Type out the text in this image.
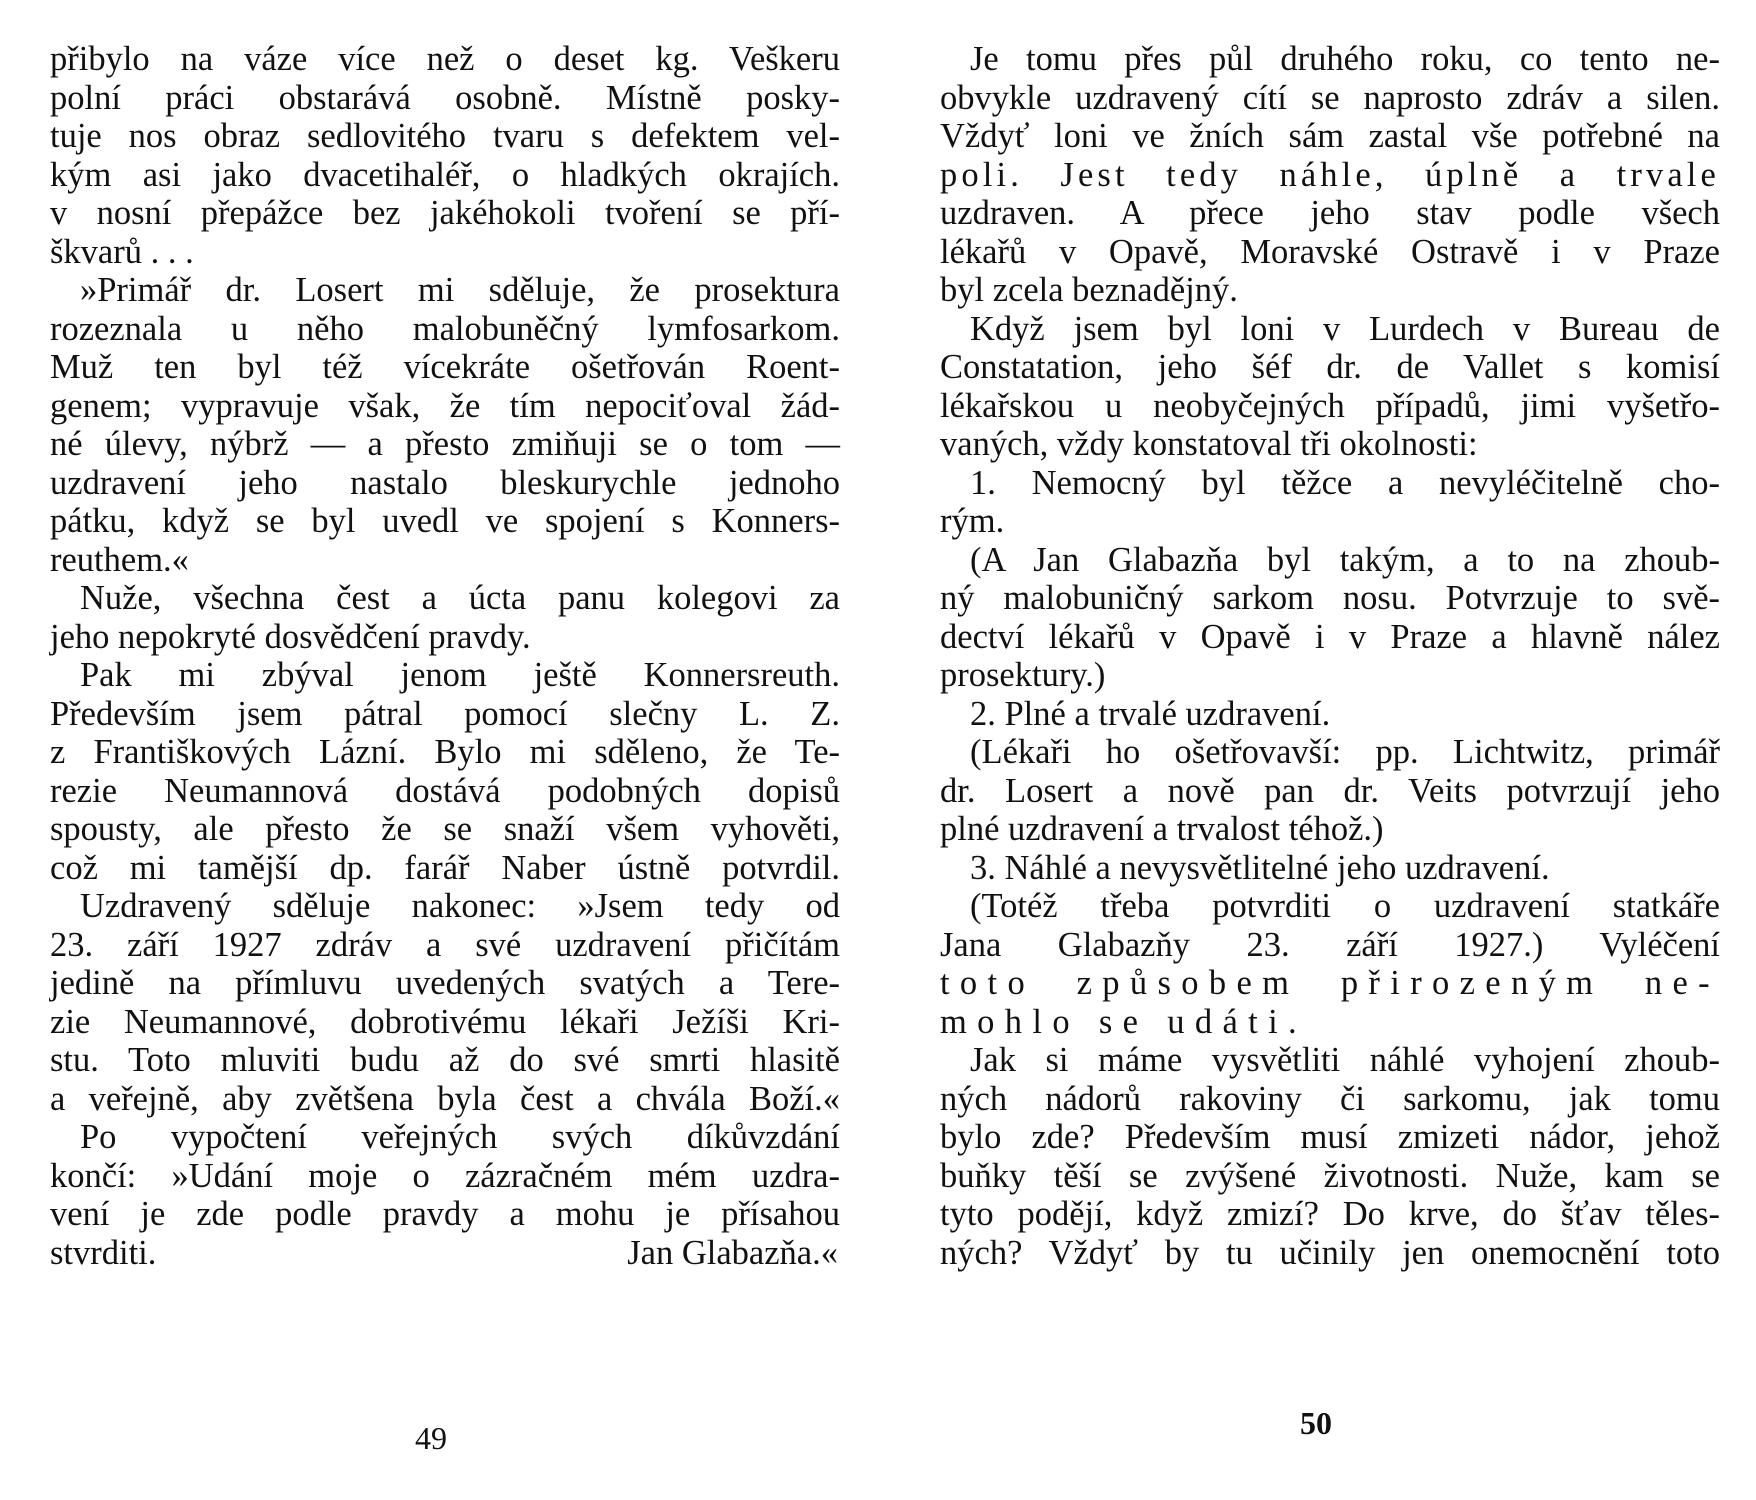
přibylo na váze více než o deset kg. Veškeru
polní práci obstarává osobně. Místně posky-
tuje nos obraz sedlovitého tvaru s defektem vel-
kým asi jako dvacetihaléř, o hladkých okrajích.
v nosní přepážce bez jakéhokoli tvoření se pří-
škvarů . . .
»Primář dr. Losert mi sděluje, že prosektura
rozeznala u něho malobuněčný lymfosarkom.
Muž ten byl též vícekráte ošetřován Roent-
genem; vypravuje však, že tím nepociťoval žád-
né úlevy, nýbrž — a přesto zmiňuji se o tom —
uzdravení jeho nastalo bleskurychle jednoho
pátku, když se byl uvedl ve spojení s Konners-
reuthem.«
Nuže, všechna čest a úcta panu kolegovi za
jeho nepokryté dosvědčení pravdy.
Pak mi zbýval jenom ještě Konnersreuth.
Především jsem pátral pomocí slečny L. Z.
z Františkových Lázní. Bylo mi sděleno, že Te-
rezie Neumannová dostává podobných dopisů
spousty, ale přesto že se snaží všem vyhověti,
což mi tamější dp. farář Naber ústně potvrdil.
Uzdravený sděluje nakonec: »Jsem tedy od
23. září 1927 zdráv a své uzdravení přičítám
jedině na přímluvu uvedených svatých a Tere-
zie Neumannové, dobrotivému lékaři Ježíši Kri-
stu. Toto mluviti budu až do své smrti hlasitě
a veřejně, aby zvětšena byla čest a chvála Boží.«
Po vypočtení veřejných svých díkůvzdání
končí: »Udání moje o zázračném mém uzdra-
vení je zde podle pravdy a mohu je přísahou
stvrditi.	Jan Glabazňa.«
Je tomu přes půl druhého roku, co tento ne-
obvykle uzdravený cítí se naprosto zdráv a silen.
Vždyť loni ve žních sám zastal vše potřebné na
poli. Jest tedy náhle, úplně a trvale
uzdraven. A přece jeho stav podle všech
lékařů v Opavě, Moravské Ostravě i v Praze
byl zcela beznadějný.
Když jsem byl loni v Lurdech v Bureau de
Constatation, jeho šéf dr. de Vallet s komisí
lékařskou u neobyčejných případů, jimi vyšetřo-
vaných, vždy konstatoval tři okolnosti:
1. Nemocný byl těžce a nevyléčitelně cho-
rým.
(A Jan Glabazňa byl takým, a to na zhoub-
ný malobuničný sarkom nosu. Potvrzuje to svě-
dectví lékařů v Opavě i v Praze a hlavně nález
prosektury.)
2. Plné a trvalé uzdravení.
(Lékaři ho ošetřovavší: pp. Lichtwitz, primář
dr. Losert a nově pan dr. Veits potvrzují jeho
plné uzdravení a trvalost téhož.)
3. Náhlé a nevysvětlitelné jeho uzdravení.
(Totéž třeba potvrditi o uzdravení statkáře
Jana Glabazňy 23. září 1927.) Vyléčení
toto způsobem přirozeným ne-
mohlo se udáti.
Jak si máme vysvětliti náhlé vyhojení zhoub-
ných nádorů rakoviny či sarkomu, jak tomu
bylo zde? Především musí zmizeti nádor, jehož
buňky těší se zvýšené životnosti. Nuže, kam se
tyto podějí, když zmizí? Do krve, do šťav těles-
ných? Vždyť by tu učinily jen onemocnění toto
49	50
